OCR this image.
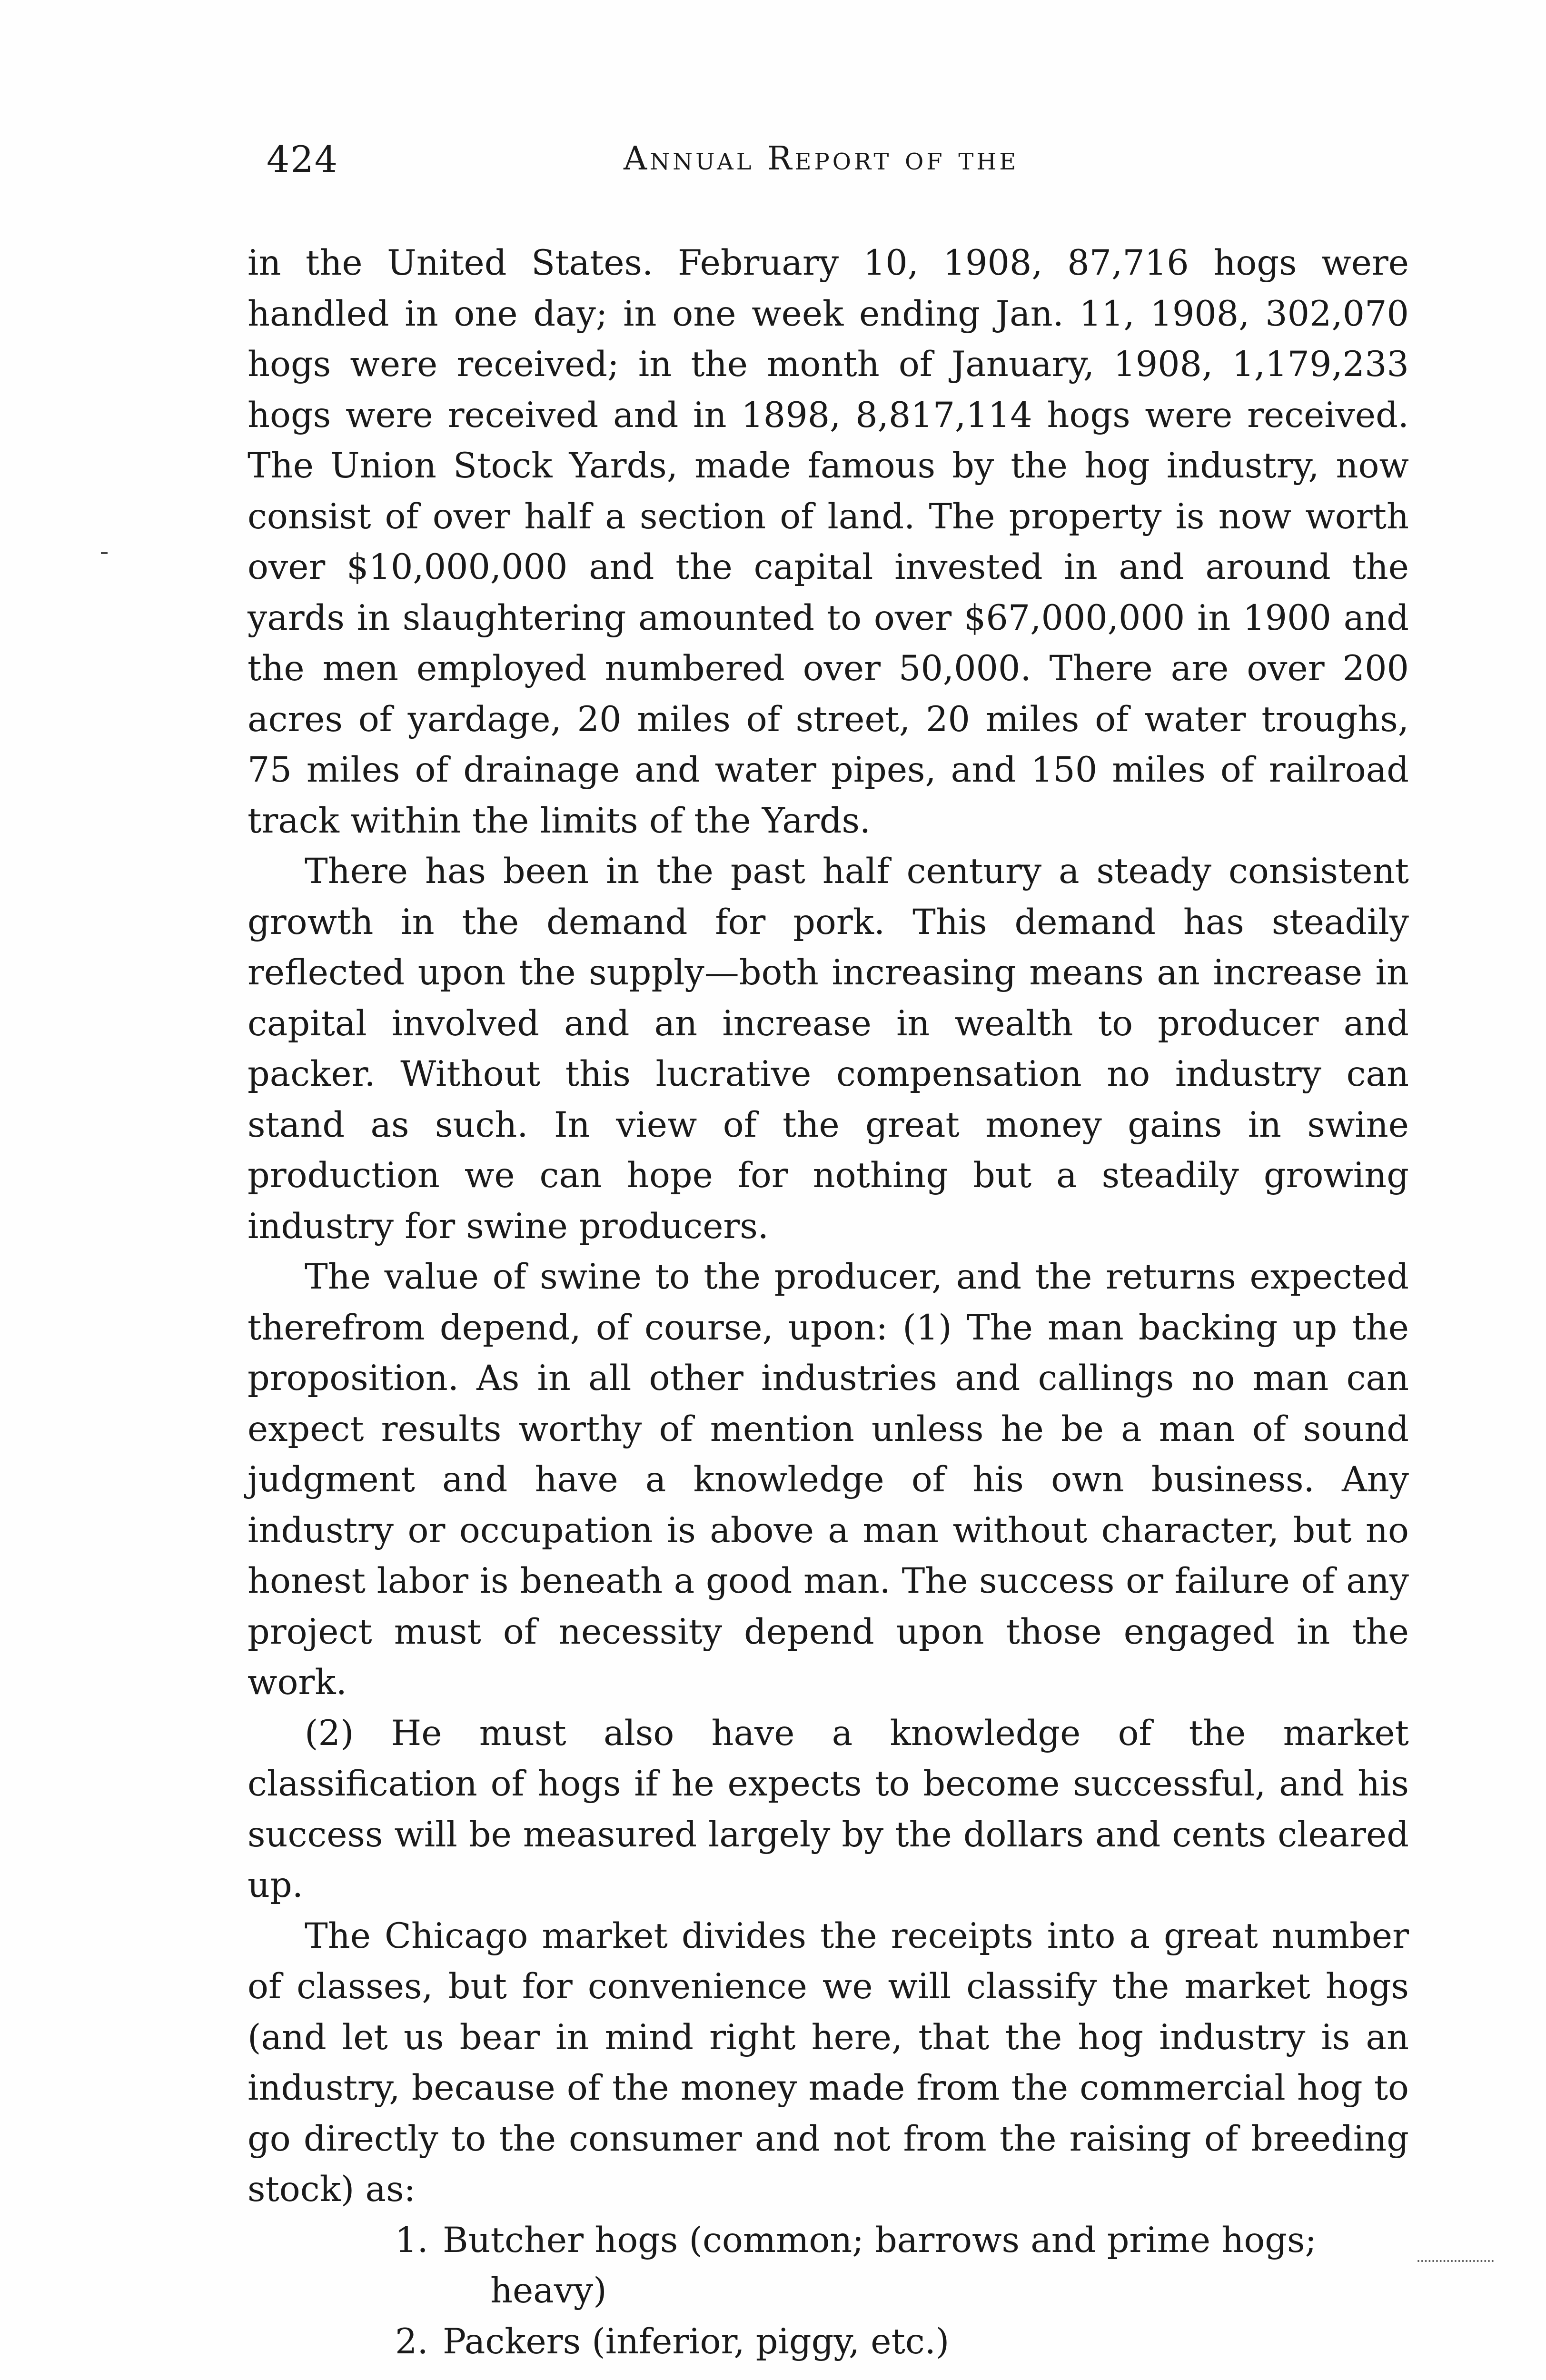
424	Annual Report of the

in the United States. February 10, 1908, 87,716 hogs were handled in one day; in one week ending Jan. 11, 1908, 302,070 hogs were received; in the month of January, 1908, 1,179,233 hogs were received and in 1898, 8,817,114 hogs were received. The Union Stock Yards, made famous by the hog industry, now consist of over half a section of land. The property is now worth over $10,000,000 and the capital invested in and around the yards in slaughtering amounted to over $67,000,000 in 1900 and the men employed numbered over 50,000. There are over 200 acres of yardage, 20 miles of street, 20 miles of water troughs, 75 miles of drainage and water pipes, and 150 miles of railroad track within the limits of the Yards.

There has been in the past half century a steady consistent growth in the demand for pork. This demand has steadily reflected upon the supply—both increasing means an increase in capital involved and an increase in wealth to producer and packer. Without this lucrative compensation no industry can stand as such. In view of the great money gains in swine production we can hope for nothing but a steadily growing industry for swine producers.

The value of swine to the producer, and the returns expected therefrom depend, of course, upon: (1) The man backing up the proposition. As in all other industries and callings no man can expect results worthy of mention unless he be a man of sound judgment and have a knowledge of his own business. Any industry or occupation is above a man without character, but no honest labor is beneath a good man. The success or failure of any project must of necessity depend upon those engaged in the work.

(2) He must also have a knowledge of the market classification of hogs if he expects to become successful, and his success will be measured largely by the dollars and cents cleared up.

The Chicago market divides the receipts into a great number of classes, but for convenience we will classify the market hogs (and let us bear in mind right here, that the hog industry is an industry, because of the money made from the commercial hog to go directly to the consumer and not from the raising of breeding stock) as:

1. Butcher hogs (common; barrows and prime hogs;
heavy)
2. Packers (inferior, piggy, etc.)
